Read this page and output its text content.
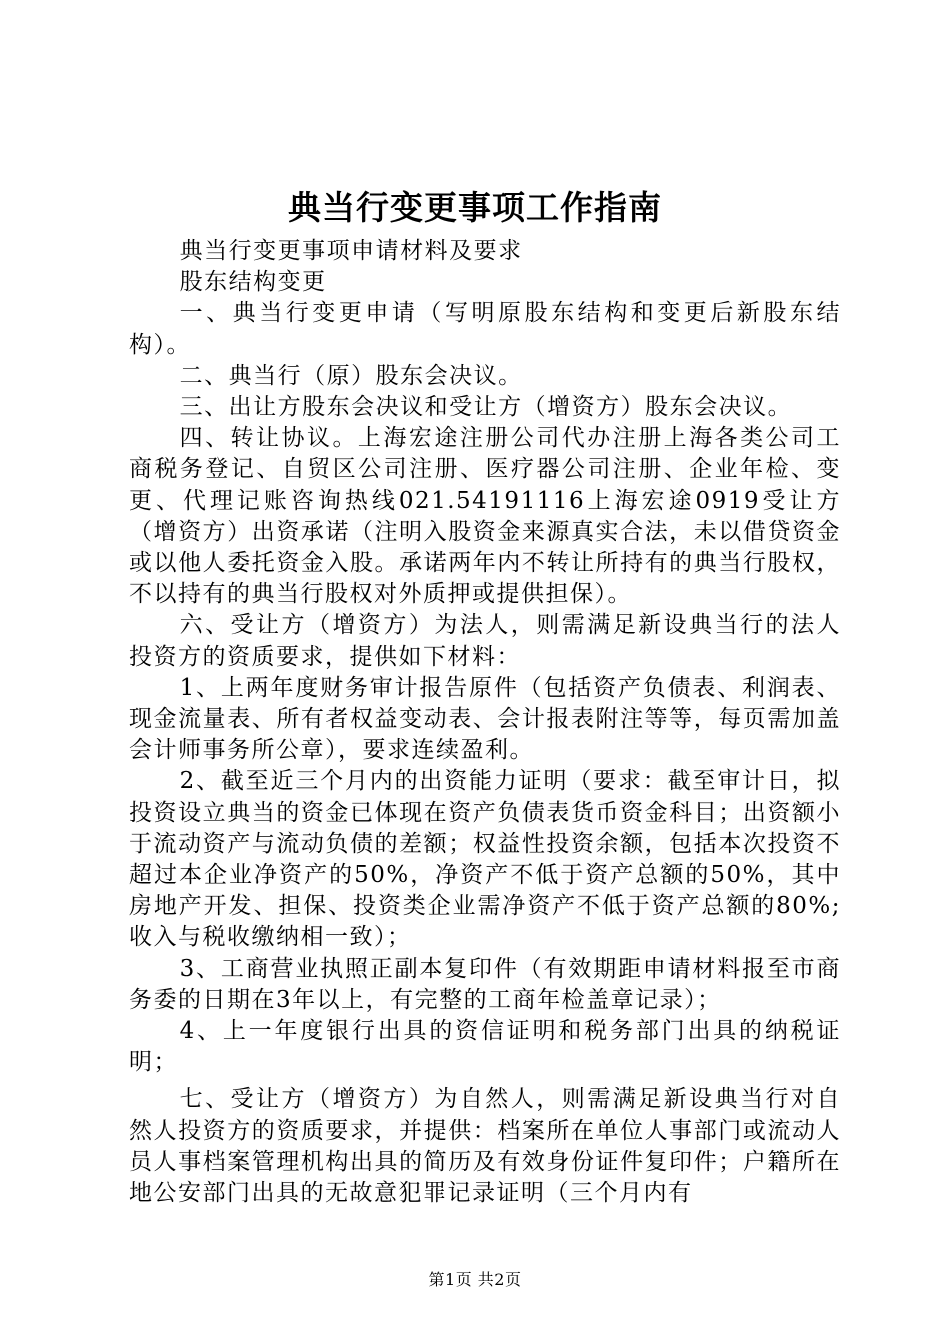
典当行变更事项工作指南

典当行变更事项申请材料及要求

股东结构变更

一、典当行变更申请（写明原股东结构和变更后新股东结构）。

二、典当行（原）股东会决议。

三、出让方股东会决议和受让方（增资方）股东会决议。

四、转让协议。上海宏途注册公司代办注册上海各类公司工商税务登记、自贸区公司注册、医疗器公司注册、企业年检、变更、代理记账咨询热线021.54191116上海宏途0919受让方（增资方）出资承诺（注明入股资金来源真实合法，未以借贷资金或以他人委托资金入股。承诺两年内不转让所持有的典当行股权，不以持有的典当行股权对外质押或提供担保）。

六、受让方（增资方）为法人，则需满足新设典当行的法人投资方的资质要求，提供如下材料：

1、上两年度财务审计报告原件（包括资产负债表、利润表、现金流量表、所有者权益变动表、会计报表附注等等，每页需加盖会计师事务所公章），要求连续盈利。

2、截至近三个月内的出资能力证明（要求：截至审计日，拟投资设立典当的资金已体现在资产负债表货币资金科目；出资额小于流动资产与流动负债的差额；权益性投资余额，包括本次投资不超过本企业净资产的50%，净资产不低于资产总额的50%，其中房地产开发、担保、投资类企业需净资产不低于资产总额的80%;收入与税收缴纳相一致）；

3、工商营业执照正副本复印件（有效期距申请材料报至市商务委的日期在3年以上，有完整的工商年检盖章记录）；

4、上一年度银行出具的资信证明和税务部门出具的纳税证明；

七、受让方（增资方）为自然人，则需满足新设典当行对自然人投资方的资质要求，并提供：档案所在单位人事部门或流动人员人事档案管理机构出具的简历及有效身份证件复印件；户籍所在地公安部门出具的无故意犯罪记录证明（三个月内有

第1页 共2页
